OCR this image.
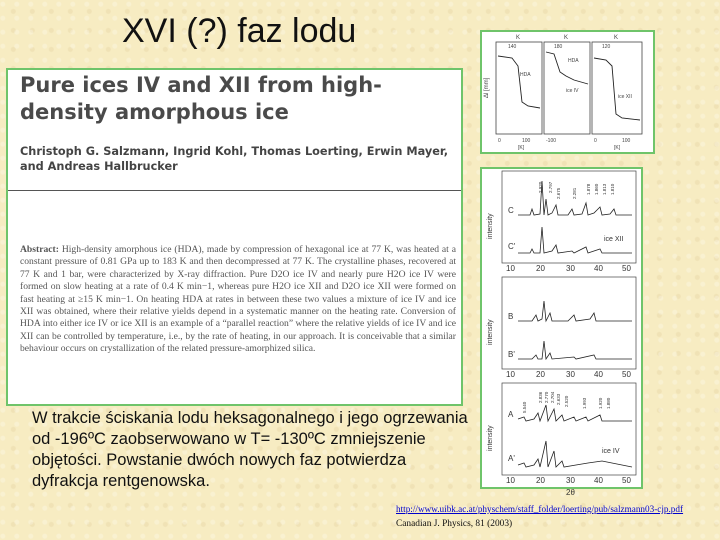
XVI (?) faz lodu
Pure ices IV and XII from high-density amorphous ice
Christoph G. Salzmann, Ingrid Kohl, Thomas Loerting, Erwin Mayer, and Andreas Hallbrucker
Abstract: High-density amorphous ice (HDA), made by compression of hexagonal ice at 77 K, was heated at a constant pressure of 0.81 GPa up to 183 K and then decompressed at 77 K. The crystalline phases, recovered at 77 K and 1 bar, were characterized by X-ray diffraction. Pure D2O ice IV and nearly pure H2O ice IV were formed on slow heating at a rate of 0.4 K min−1, whereas pure H2O ice XII and D2O ice XII were formed on fast heating at ≥15 K min−1. On heating HDA at rates in between these two values a mixture of ice IV and ice XII was obtained, where their relative yields depend in a systematic manner on the heating rate. Conversion of HDA into either ice IV or ice XII is an example of a “parallel reaction” where the relative yields of ice IV and ice XII can be controlled by temperature, i.e., by the rate of heating, in our approach. It is conceivable that a similar behaviour occurs on crystallization of the related pressure-amorphized silica.
W trakcie ściskania lodu heksagonalnego i jego ogrzewania od -196ºC zaobserwowano w T= -130ºC zmniejszenie objętości. Powstanie dwóch nowych faz potwierdza dyfrakcja rentgenowska.
Δl [mm]
K	K	K
140	180	120
HDA
HDA
ice IV
ice XII
0	100	-100	0	100
[K]	[K]
intensity
C
C'
ice XII
2.920 2.797
2.675 2.281 1.878 1.860 1.813 1.810
10	20	30 40 50
intensity
B
B'
10	20	30 40 50
intensity
A
A'
ice IV
5.540
2.836 2.770 2.704 2.633 2.520	1.993 1.920 1.880
10	20	30 40 50
2θ
http://www.uibk.ac.at/physchem/staff_folder/loerting/pub/salzmann03-cjp.pdf
Canadian J. Physics, 81 (2003)
